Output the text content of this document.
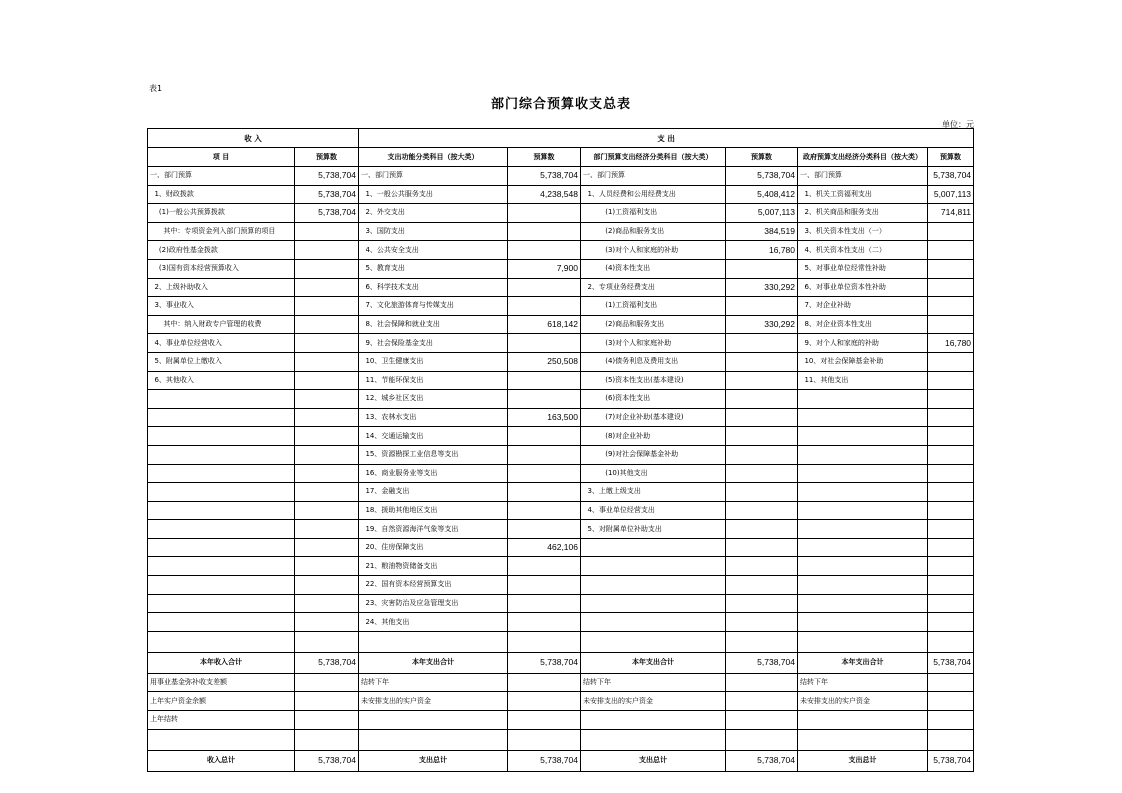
表1
部门综合预算收支总表
单位：元
收 入		支 出					
项 目	预算数	支出功能分类科目（按大类）	预算数	部门预算支出经济分类科目（按大类）	预算数	政府预算支出经济分类科目（按大类）	预算数
一、部门预算	5,738,704	一、部门预算	5,738,704	一、部门预算	5,738,704	一、部门预算	5,738,704
1、财政拨款	5,738,704	1、一般公共服务支出	4,238,548	1、人员经费和公用经费支出	5,408,412	1、机关工资福利支出	5,007,113
(1)一般公共预算拨款	5,738,704	2、外交支出		(1)工资福利支出	5,007,113	2、机关商品和服务支出	714,811
其中：专项资金列入部门预算的项目		3、国防支出		(2)商品和服务支出	384,519	3、机关资本性支出（一）	
(2)政府性基金拨款		4、公共安全支出		(3)对个人和家庭的补助	16,780	4、机关资本性支出（二）	
(3)国有资本经营预算收入		5、教育支出	7,900	(4)资本性支出		5、对事业单位经常性补助	
2、上级补助收入		6、科学技术支出		2、专项业务经费支出	330,292	6、对事业单位资本性补助	
3、事业收入		7、文化旅游体育与传媒支出		(1)工资福利支出		7、对企业补助	
其中：纳入财政专户管理的收费		8、社会保障和就业支出	618,142	(2)商品和服务支出	330,292	8、对企业资本性支出	
4、事业单位经营收入		9、社会保险基金支出		(3)对个人和家庭补助		9、对个人和家庭的补助	16,780
5、附属单位上缴收入		10、卫生健康支出	250,508	(4)债务利息及费用支出		10、对社会保障基金补助	
6、其他收入		11、节能环保支出		(5)资本性支出(基本建设)		11、其他支出	
		12、城乡社区支出		(6)资本性支出			
		13、农林水支出	163,500	(7)对企业补助(基本建设)			
		14、交通运输支出		(8)对企业补助			
		15、资源勘探工业信息等支出		(9)对社会保障基金补助			
		16、商业服务业等支出		(10)其他支出			
		17、金融支出		3、上缴上级支出			
		18、援助其他地区支出		4、事业单位经营支出			
		19、自然资源海洋气象等支出		5、对附属单位补助支出			
		20、住房保障支出	462,106				
		21、粮油物资储备支出					
		22、国有资本经营预算支出					
		23、灾害防治及应急管理支出					
		24、其他支出					

本年收入合计	5,738,704	本年支出合计	5,738,704	本年支出合计	5,738,704	本年支出合计	5,738,704
用事业基金弥补收支差额		结转下年		结转下年		结转下年	
上年实户资金余额		未安排支出的实户资金		未安排支出的实户资金		未安排支出的实户资金	
上年结转							

收入总计	5,738,704	支出总计	5,738,704	支出总计	5,738,704	支出总计	5,738,704
